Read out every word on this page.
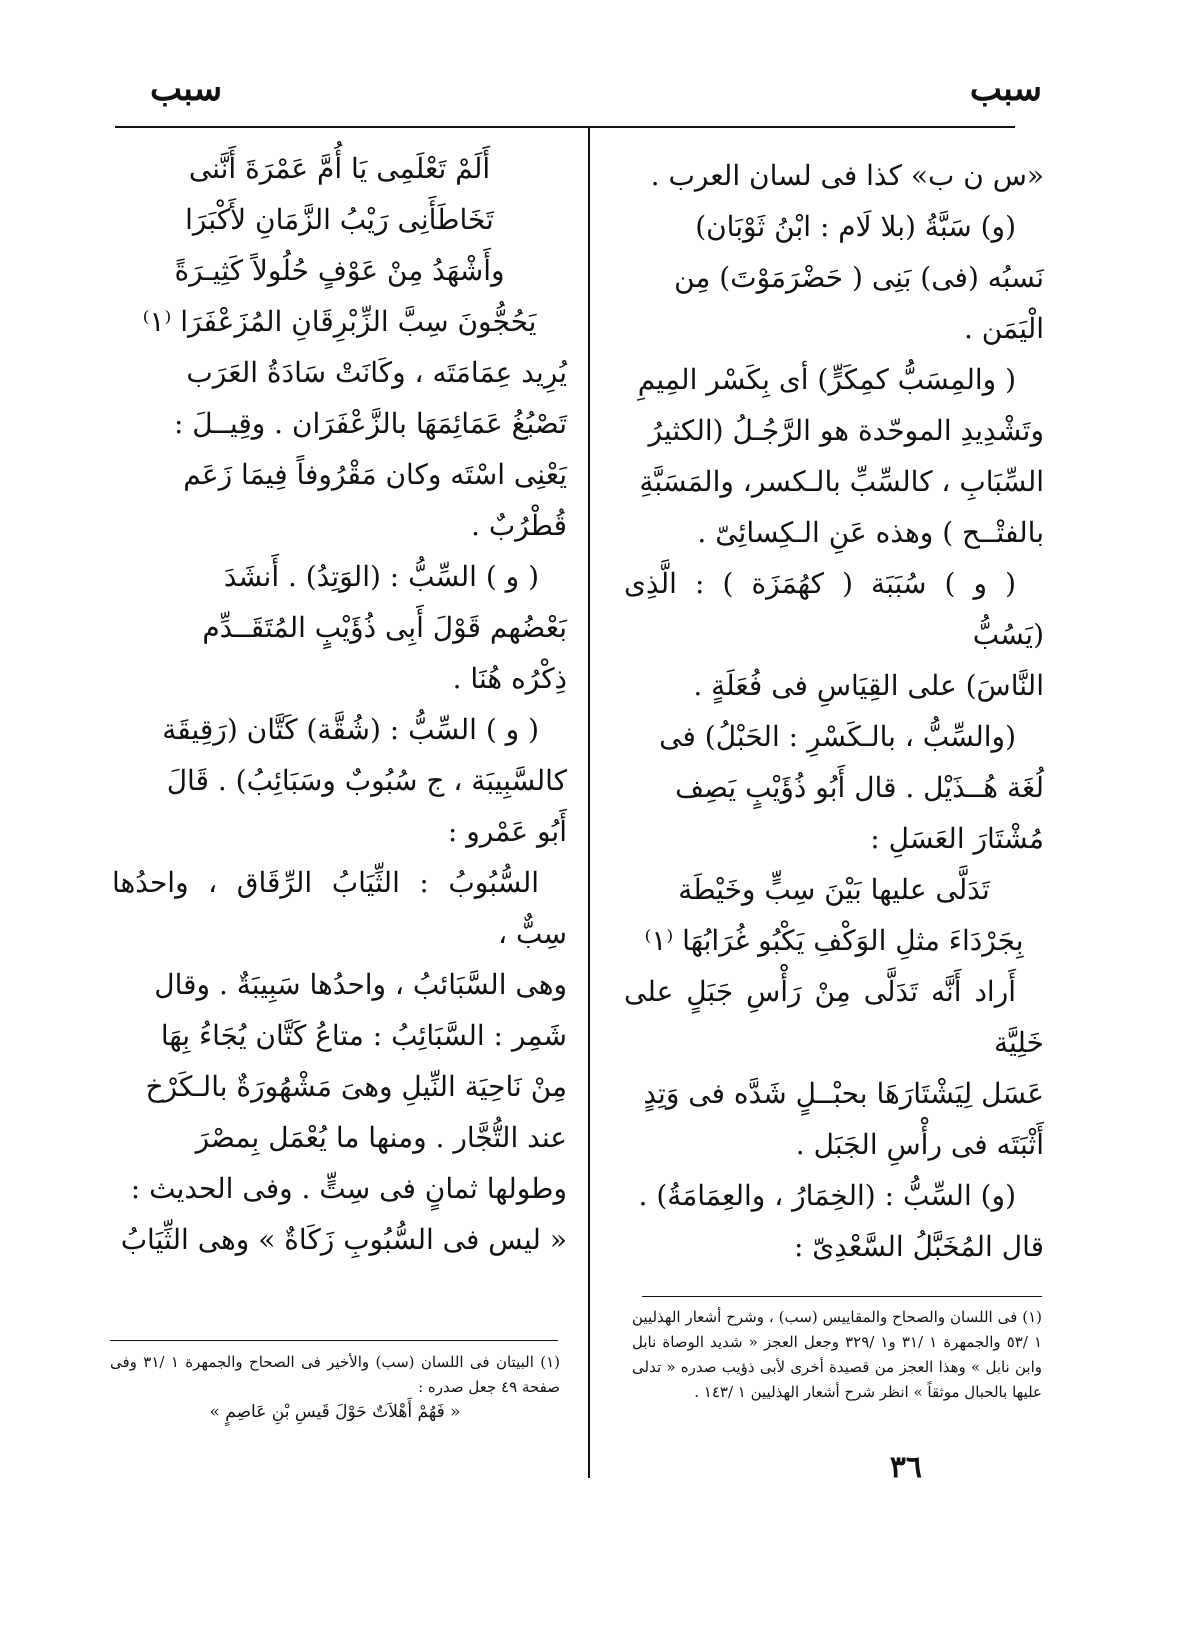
سبب
سبب

«س ن ب» كذا فى لسان العرب .

(و) سَبَّةُ (بلا لَام : ابْنُ ثَوْبَان)

نَسبُه (فى) بَنِى ( حَضْرَمَوْتَ) مِن

الْيَمَن .

( والمِسَبُّ كمِكَرٍّ) أى بِكَسْر المِيمِ

وتَشْدِيدِ الموحّدة هو الرَّجُـلُ (الكثيرُ

السِّبَابِ ، كالسِّبِّ بالـكسر، والمَسَبَّةِ

بالفتْــح ) وهذه عَنِ الـكِسائِىّ .

( و ) سُبَبَة ( كهُمَزَة ) : الَّذِى (يَسُبُّ

النَّاسَ) على القِيَاسِ فى فُعَلَةٍ .

(والسِّبُّ ، بالـكَسْرِ : الحَبْلُ) فى

لُغَة هُــذَيْل . قال أَبُو ذُؤَيْبٍ يَصِف

مُشْتَارَ العَسَلِ :

تَدَلَّى عليها بَيْنَ سِبٍّ وخَيْطَة

بِجَرْدَاءَ مثلِ الوَكْفِ يَكْبُو غُرَابُهَا ⁽١⁾

أَراد أَنَّه تَدَلَّى مِنْ رَأْسِ جَبَلٍ على خَلِيَّة

عَسَل لِيَشْتَارَهَا بحبْــلٍ شَدَّه فى وَتِدٍ

أَثْبَتَه فى رأْسِ الجَبَل .

(و) السِّبُّ : (الخِمَارُ ، والعِمَامَةُ) .

قال المُخَبَّلُ السَّعْدِىّ :

(١) فى اللسان والصحاح والمقاييس (سب) ، وشرح أشعار الهذليين ١ /٥٣ والجمهرة ١ /٣١ و١ /٣٢٩ وجعل العجز « شديد الوصاة نابل وابن نابل » وهذا العجز من قصيدة أخرى لأبى ذؤيب صدره « تدلى عليها بالحبال موثقاً » انظر شرح أشعار الهذليين ١ /١٤٣ .

أَلَمْ تَعْلَمِى يَا أُمَّ عَمْرَةَ أَنَّنى

تَخَاطَأَنِى رَيْبُ الزَّمَانِ لأَكْبَرَا

وأَشْهَدُ مِنْ عَوْفٍ حُلُولاً كَثِيـرَةً

يَحُجُّونَ سِبَّ الزِّبْرِقَانِ المُزَعْفَرَا ⁽١⁾

يُرِيد عِمَامَتَه ، وكَانَتْ سَادَةُ العَرَب

تَصْبُغُ عَمَائِمَهَا بالزَّعْفَرَان . وقِيــلَ :

يَعْنِى اسْتَه وكان مَقْرُوفاً فِيمَا زَعَم

قُطْرُبٌ .

( و ) السِّبُّ : (الوَتِدُ) . أَنشَدَ

بَعْضُهم قَوْلَ أَبِى ذُؤَيْبٍ المُتَقَــدِّم

ذِكْرُه هُنَا .

( و ) السِّبُّ : (شُقَّة) كَتَّان (رَقِيقَة

كالسَّبِيبَة ، ج سُبُوبٌ وسَبَائِبُ) . قَالَ

أَبُو عَمْرو :

السُّبُوبُ : الثِّيَابُ الرِّقَاق ، واحدُها سِبٌّ ،

وهى السَّبَائبُ ، واحدُها سَبِيبَةٌ . وقال

شَمِر : السَّبَائِبُ : متاعُ كَتَّان يُجَاءُ بِهَا

مِنْ نَاحِيَة النِّيلِ وهىَ مَشْهُورَةٌ بالـكَرْخ

عند التُّجَّار . ومنها ما يُعْمَل بِمصْرَ

وطولها ثمانٍ فى سِتٍّ . وفى الحديث :

« ليس فى السُّبُوبِ زَكَاةٌ » وهى الثِّيَابُ

(١) البيتان فى اللسان (سب) والأخير فى الصحاح والجمهرة ١ /٣١ وفى صفحة ٤٩ جعل صدره :

« فَهُمْ أَهْلاَتٌ حَوْلَ قَيسِ بْنِ عَاصِمٍ »

٣٦
